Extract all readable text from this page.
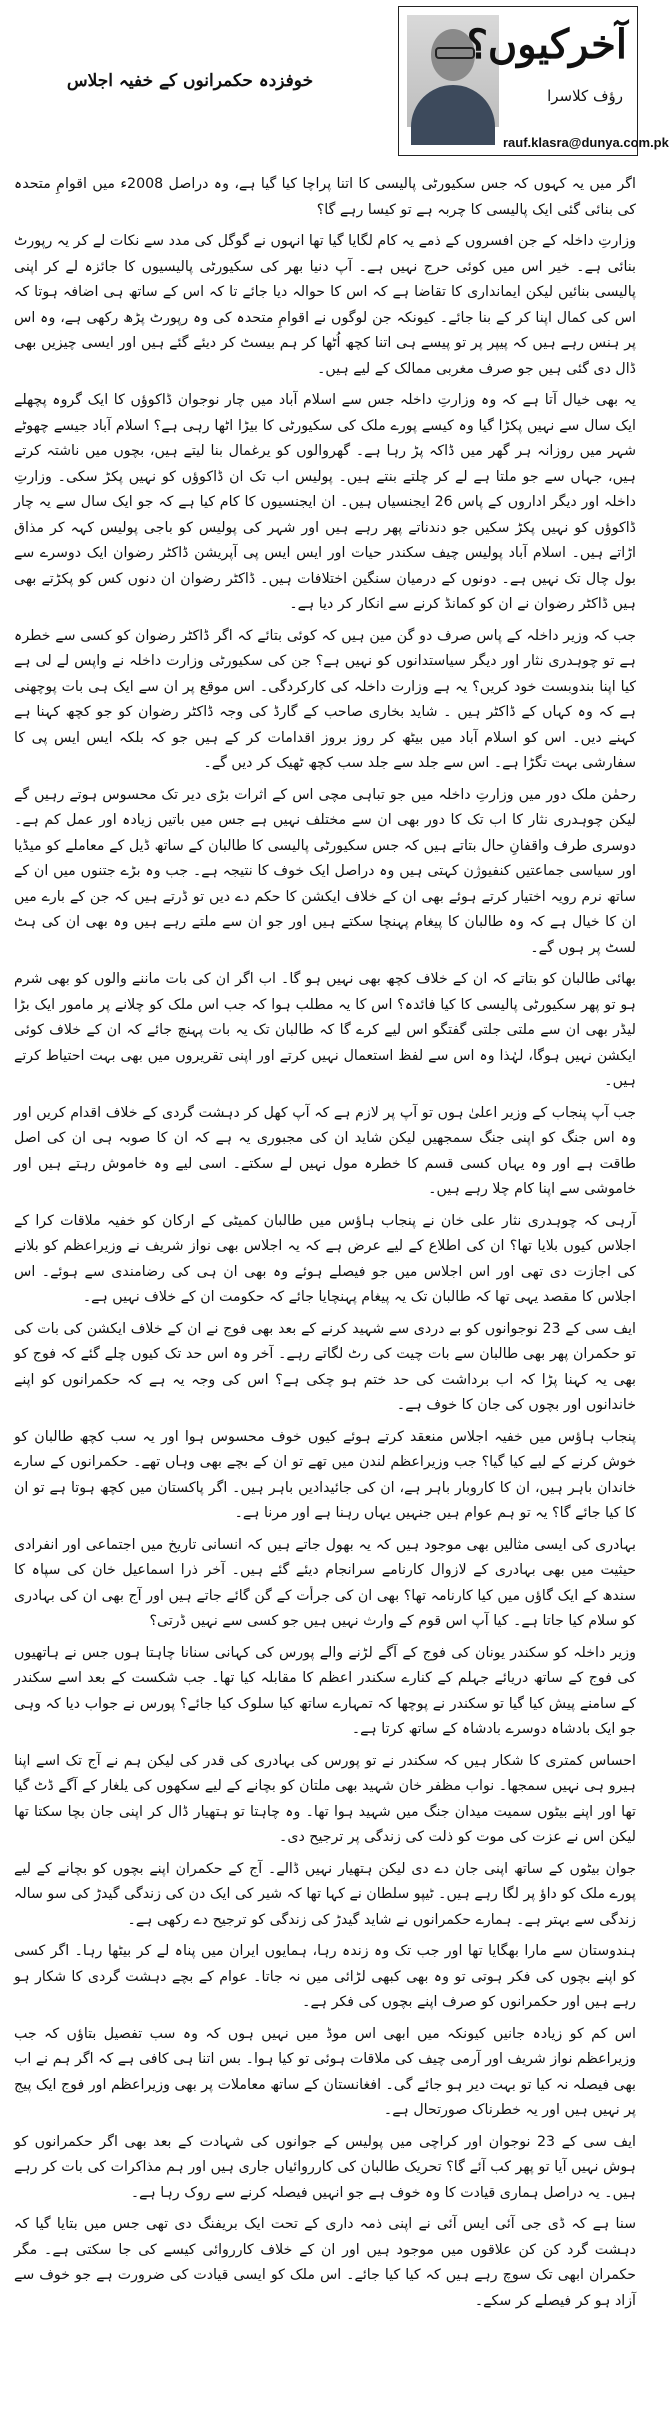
خوفزدہ حکمرانوں کے خفیہ اجلاس
آخرکیوں؟
رؤف کلاسرا
rauf.klasra@dunya.com.pk

اگر میں یہ کہوں کہ جس سکیورٹی پالیسی کا اتنا پراچا کیا گیا ہے، وہ دراصل 2008ء میں اقوامِ متحدہ کی بنائی گئی ایک پالیسی کا چربہ ہے تو کیسا رہے گا؟

وزارتِ داخلہ کے جن افسروں کے ذمے یہ کام لگایا گیا تھا انہوں نے گوگل کی مدد سے نکات لے کر یہ رپورٹ بنائی ہے۔ خیر اس میں کوئی حرج نہیں ہے۔ آپ دنیا بھر کی سکیورٹی پالیسیوں کا جائزہ لے کر اپنی پالیسی بنائیں لیکن ایمانداری کا تقاضا ہے کہ اس کا حوالہ دیا جائے تا کہ اس کے ساتھ ہی اضافہ ہوتا کہ اس کی کمال اپنا کر کے بنا جائے۔ کیونکہ جن لوگوں نے اقوامِ متحدہ کی وہ رپورٹ پڑھ رکھی ہے، وہ اس پر ہنس رہے ہیں کہ پیپر پر تو پیسے ہی اتنا کچھ اُٹھا کر ہم بیسٹ کر دیئے گئے ہیں اور ایسی چیزیں بھی ڈال دی گئی ہیں جو صرف مغربی ممالک کے لیے ہیں۔

یہ بھی خیال آتا ہے کہ وہ وزارتِ داخلہ جس سے اسلام آباد میں چار نوجوان ڈاکوؤں کا ایک گروہ پچھلے ایک سال سے نہیں پکڑا گیا وہ کیسے پورے ملک کی سکیورٹی کا بیڑا اٹھا رہی ہے؟ اسلام آباد جیسے چھوٹے شہر میں روزانہ ہر گھر میں ڈاکہ پڑ رہا ہے۔ گھروالوں کو یرغمال بنا لیتے ہیں، بچوں میں ناشتہ کرتے ہیں، جہاں سے جو ملتا ہے لے کر چلتے بنتے ہیں۔ پولیس اب تک ان ڈاکوؤں کو نہیں پکڑ سکی۔ وزارتِ داخلہ اور دیگر اداروں کے پاس 26 ایجنسیاں ہیں۔ ان ایجنسیوں کا کام کیا ہے کہ جو ایک سال سے یہ چار ڈاکوؤں کو نہیں پکڑ سکیں جو دندناتے پھر رہے ہیں اور شہر کی پولیس کو باجی پولیس کہہ کر مذاق اڑاتے ہیں۔ اسلام آباد پولیس چیف سکندر حیات اور ایس ایس پی آپریشن ڈاکٹر رضوان ایک دوسرے سے بول چال تک نہیں ہے۔ دونوں کے درمیان سنگین اختلافات ہیں۔ ڈاکٹر رضوان ان دنوں کس کو پکڑتے بھی ہیں ڈاکٹر رضوان نے ان کو کمانڈ کرنے سے انکار کر دیا ہے۔

جب کہ وزیر داخلہ کے پاس صرف دو گن مین ہیں کہ کوئی بتائے کہ اگر ڈاکٹر رضوان کو کسی سے خطرہ ہے تو چوہدری نثار اور دیگر سیاستدانوں کو نہیں ہے؟ جن کی سکیورٹی وزارت داخلہ نے واپس لے لی ہے کیا اپنا بندوبست خود کریں؟ یہ ہے وزارت داخلہ کی کارکردگی۔ اس موقع پر ان سے ایک ہی بات پوچھنی ہے کہ وہ کہاں کے ڈاکٹر ہیں ۔ شاید بخاری صاحب کے گارڈ کی وجہ ڈاکٹر رضوان کو جو کچھ کہنا ہے کہنے دیں۔ اس کو اسلام آباد میں بیٹھ کر روز بروز اقدامات کر کے ہیں جو کہ بلکہ ایس ایس پی کا سفارشی بہت تگڑا ہے۔ اس سے جلد سے جلد سب کچھ ٹھیک کر دیں گے۔

رحمٰن ملک دور میں وزارتِ داخلہ میں جو تباہی مچی اس کے اثرات بڑی دیر تک محسوس ہوتے رہیں گے لیکن چوہدری نثار کا اب تک کا دور بھی ان سے مختلف نہیں ہے جس میں باتیں زیادہ اور عمل کم ہے۔ دوسری طرف واقفانِ حال بتاتے ہیں کہ جس سکیورٹی پالیسی کا طالبان کے ساتھ ڈیل کے معاملے کو میڈیا اور سیاسی جماعتیں کنفیوژن کہتی ہیں وہ دراصل ایک خوف کا نتیجہ ہے۔ جب وہ بڑے جتنوں میں ان کے ساتھ نرم رویہ اختیار کرتے ہوئے بھی ان کے خلاف ایکشن کا حکم دے دیں تو ڈرتے ہیں کہ جن کے بارے میں ان کا خیال ہے کہ وہ طالبان کا پیغام پہنچا سکتے ہیں اور جو ان سے ملتے رہے ہیں وہ بھی ان کی ہٹ لسٹ پر ہوں گے۔

بھائی طالبان کو بتاتے کہ ان کے خلاف کچھ بھی نہیں ہو گا۔ اب اگر ان کی بات ماننے والوں کو بھی شرم ہو تو پھر سکیورٹی پالیسی کا کیا فائدہ؟ اس کا یہ مطلب ہوا کہ جب اس ملک کو چلانے پر مامور ایک بڑا لیڈر بھی ان سے ملتی جلتی گفتگو اس لیے کرے گا کہ طالبان تک یہ بات پہنچ جائے کہ ان کے خلاف کوئی ایکشن نہیں ہوگا، لہٰذا وہ اس سے لفظ استعمال نہیں کرتے اور اپنی تقریروں میں بھی بہت احتیاط کرتے ہیں۔

جب آپ پنجاب کے وزیر اعلیٰ ہوں تو آپ پر لازم ہے کہ آپ کھل کر دہشت گردی کے خلاف اقدام کریں اور وہ اس جنگ کو اپنی جنگ سمجھیں لیکن شاید ان کی مجبوری یہ ہے کہ ان کا صوبہ ہی ان کی اصل طاقت ہے اور وہ یہاں کسی قسم کا خطرہ مول نہیں لے سکتے۔ اسی لیے وہ خاموش رہتے ہیں اور خاموشی سے اپنا کام چلا رہے ہیں۔

آرہی کہ چوہدری نثار علی خان نے پنجاب ہاؤس میں طالبان کمیٹی کے ارکان کو خفیہ ملاقات کرا کے اجلاس کیوں بلایا تھا؟ ان کی اطلاع کے لیے عرض ہے کہ یہ اجلاس بھی نواز شریف نے وزیراعظم کو بلانے کی اجازت دی تھی اور اس اجلاس میں جو فیصلے ہوئے وہ بھی ان ہی کی رضامندی سے ہوئے۔ اس اجلاس کا مقصد یہی تھا کہ طالبان تک یہ پیغام پہنچایا جائے کہ حکومت ان کے خلاف نہیں ہے۔

ایف سی کے 23 نوجوانوں کو بے دردی سے شہید کرنے کے بعد بھی فوج نے ان کے خلاف ایکشن کی بات کی تو حکمران پھر بھی طالبان سے بات چیت کی رٹ لگاتے رہے۔ آخر وہ اس حد تک کیوں چلے گئے کہ فوج کو بھی یہ کہنا پڑا کہ اب برداشت کی حد ختم ہو چکی ہے؟ اس کی وجہ یہ ہے کہ حکمرانوں کو اپنے خاندانوں اور بچوں کی جان کا خوف ہے۔

پنجاب ہاؤس میں خفیہ اجلاس منعقد کرتے ہوئے کیوں خوف محسوس ہوا اور یہ سب کچھ طالبان کو خوش کرنے کے لیے کیا گیا؟ جب وزیراعظم لندن میں تھے تو ان کے بچے بھی وہاں تھے۔ حکمرانوں کے سارے خاندان باہر ہیں، ان کا کاروبار باہر ہے، ان کی جائیدادیں باہر ہیں۔ اگر پاکستان میں کچھ ہوتا ہے تو ان کا کیا جائے گا؟ یہ تو ہم عوام ہیں جنہیں یہاں رہنا ہے اور مرنا ہے۔

بہادری کی ایسی مثالیں بھی موجود ہیں کہ یہ بھول جاتے ہیں کہ انسانی تاریخ میں اجتماعی اور انفرادی حیثیت میں بھی بہادری کے لازوال کارنامے سرانجام دیئے گئے ہیں۔ آخر ذرا اسماعیل خان کی سپاہ کا سندھ کے ایک گاؤں میں کیا کارنامہ تھا؟ بھی ان کی جرأت کے گن گائے جاتے ہیں اور آج بھی ان کی بہادری کو سلام کیا جاتا ہے۔ کیا آپ اس قوم کے وارث نہیں ہیں جو کسی سے نہیں ڈرتی؟

وزیر داخلہ کو سکندر یونان کی فوج کے آگے لڑنے والے پورس کی کہانی سنانا چاہتا ہوں جس نے ہاتھیوں کی فوج کے ساتھ دریائے جہلم کے کنارے سکندر اعظم کا مقابلہ کیا تھا۔ جب شکست کے بعد اسے سکندر کے سامنے پیش کیا گیا تو سکندر نے پوچھا کہ تمہارے ساتھ کیا سلوک کیا جائے؟ پورس نے جواب دیا کہ وہی جو ایک بادشاہ دوسرے بادشاہ کے ساتھ کرتا ہے۔

احساس کمتری کا شکار ہیں کہ سکندر نے تو پورس کی بہادری کی قدر کی لیکن ہم نے آج تک اسے اپنا ہیرو ہی نہیں سمجھا۔ نواب مظفر خان شہید بھی ملتان کو بچانے کے لیے سکھوں کی یلغار کے آگے ڈٹ گیا تھا اور اپنے بیٹوں سمیت میدان جنگ میں شہید ہوا تھا۔ وہ چاہتا تو ہتھیار ڈال کر اپنی جان بچا سکتا تھا لیکن اس نے عزت کی موت کو ذلت کی زندگی پر ترجیح دی۔

جوان بیٹوں کے ساتھ اپنی جان دے دی لیکن ہتھیار نہیں ڈالے۔ آج کے حکمران اپنے بچوں کو بچانے کے لیے پورے ملک کو داؤ پر لگا رہے ہیں۔ ٹیپو سلطان نے کہا تھا کہ شیر کی ایک دن کی زندگی گیدڑ کی سو سالہ زندگی سے بہتر ہے۔ ہمارے حکمرانوں نے شاید گیدڑ کی زندگی کو ترجیح دے رکھی ہے۔

ہندوستان سے مارا بھگایا تھا اور جب تک وہ زندہ رہا، ہمایوں ایران میں پناہ لے کر بیٹھا رہا۔ اگر کسی کو اپنے بچوں کی فکر ہوتی تو وہ بھی کبھی لڑائی میں نہ جاتا۔ عوام کے بچے دہشت گردی کا شکار ہو رہے ہیں اور حکمرانوں کو صرف اپنے بچوں کی فکر ہے۔

اس کم کو زیادہ جانیں کیونکہ میں ابھی اس موڈ میں نہیں ہوں کہ وہ سب تفصیل بتاؤں کہ جب وزیراعظم نواز شریف اور آرمی چیف کی ملاقات ہوئی تو کیا ہوا۔ بس اتنا ہی کافی ہے کہ اگر ہم نے اب بھی فیصلہ نہ کیا تو بہت دیر ہو جائے گی۔ افغانستان کے ساتھ معاملات پر بھی وزیراعظم اور فوج ایک پیج پر نہیں ہیں اور یہ خطرناک صورتحال ہے۔

ایف سی کے 23 نوجوان اور کراچی میں پولیس کے جوانوں کی شہادت کے بعد بھی اگر حکمرانوں کو ہوش نہیں آیا تو پھر کب آئے گا؟ تحریک طالبان کی کارروائیاں جاری ہیں اور ہم مذاکرات کی بات کر رہے ہیں۔ یہ دراصل ہماری قیادت کا وہ خوف ہے جو انہیں فیصلہ کرنے سے روک رہا ہے۔

سنا ہے کہ ڈی جی آئی ایس آئی نے اپنی ذمہ داری کے تحت ایک بریفنگ دی تھی جس میں بتایا گیا کہ دہشت گرد کن کن علاقوں میں موجود ہیں اور ان کے خلاف کارروائی کیسے کی جا سکتی ہے۔ مگر حکمران ابھی تک سوچ رہے ہیں کہ کیا کیا جائے۔ اس ملک کو ایسی قیادت کی ضرورت ہے جو خوف سے آزاد ہو کر فیصلے کر سکے۔
